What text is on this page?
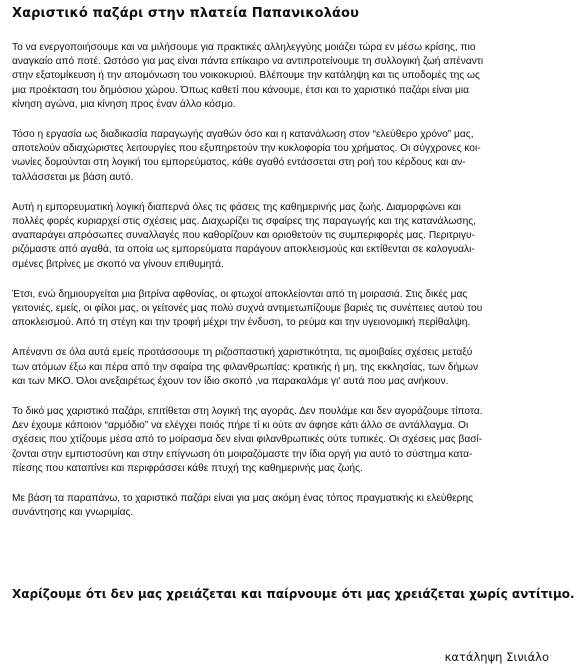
Χαριστικό παζάρι στην πλατεία Παπανικολάου

Το να ενεργοποιήσουμε και να μιλήσουμε για πρακτικές αλληλεγγύης μοιάζει τώρα εν μέσω κρίσης, πιο
αναγκαίο από ποτέ. Ωστόσο για μας είναι πάντα επίκαιρο να αντιπροτείνουμε τη συλλογική ζωή απέναντι
στην εξατομίκευση ή την απομόνωση του νοικοκυριού. Βλέπουμε την κατάληψη και τις υποδομές της ως
μια προέκταση του δημόσιου χώρου. Όπως καθετί που κάνουμε, έτσι και το χαριστικό παζάρι είναι μια
κίνηση αγώνα, μια κίνηση προς έναν άλλο κόσμο.

Τόσο η εργασία ως διαδικασία παραγωγής αγαθών όσο και η κατανάλωση στον “ελεύθερο χρόνο” μας,
αποτελούν αδιαχώριστες λειτουργίες που εξυπηρετούν την κυκλοφορία του χρήματος. Οι σύγχρονες κοι-
νωνίες δομούνται στη λογική του εμπορεύματος, κάθε αγαθό εντάσσεται στη ροή του κέρδους και αν-
ταλλάσσεται με βάση αυτό.

Αυτή η εμπορευματική λογική διαπερνά όλες τις φάσεις της καθημερινής μας ζωής. Διαμορφώνει και
πολλές φορές κυριαρχεί στις σχέσεις μας. Διαχωρίζει τις σφαίρες της παραγωγής και της κατανάλωσης,
αναπαράγει απρόσωπες συναλλαγές που καθορίζουν και οριοθετούν τις συμπεριφορές μας. Περιτριγυ-
ριζόμαστε από αγαθά, τα οποία ως εμπορεύματα παράγουν αποκλεισμούς και εκτίθενται σε καλογυαλι-
σμένες βιτρίνες με σκοπό να γίνουν επιθυμητά.

Έτσι, ενώ δημιουργείται μια βιτρίνα αφθονίας, οι φτωχοί αποκλείονται από τη μοιρασιά. Στις δικές μας
γειτονιές, εμείς, οι φίλοι μας, οι γείτονές μας πολύ συχνά αντιμετωπίζουμε βαριές τις συνέπειες αυτού του
αποκλεισμού. Από τη στέγη και την τροφή μέχρι την ένδυση, το ρεύμα και την υγειονομική περίθαλψη.

Απέναντι σε όλα αυτά εμείς προτάσσουμε τη ριζοσπαστική χαριστικότητα, τις αμοιβαίες σχέσεις μεταξύ
των ατόμων έξω και πέρα από την σφαίρα της φιλανθρωπίας: κρατικής ή μη, της εκκλησίας, των δήμων
και των ΜΚΟ. Όλοι ανεξαιρέτως έχουν τον ίδιο σκοπό ,να παρακαλάμε γι' αυτά που μας ανήκουν.

Το δικό μας χαριστικό παζάρι, επιτίθεται στη λογική της αγοράς. Δεν πουλάμε και δεν αγοράζουμε τίποτα.
Δεν έχουμε κάποιον “αρμόδιο” να ελέγχει ποιός πήρε τί κι ούτε αν άφησε κάτι άλλο σε αντάλλαγμα. Οι
σχέσεις που χτίζουμε μέσα από το μοίρασμα δεν είναι φιλανθρωπικές ούτε τυπικές. Οι σχέσεις μας βασί-
ζονται στην εμπιστοσύνη και στην επίγνωση ότι μοιραζόμαστε την ίδια οργή για αυτό το σύστημα κατα-
πίεσης που καταπίνει και περιφράσσει κάθε πτυχή της καθημερινής μας ζωής.

Με βάση τα παραπάνω, το χαριστικό παζάρι είναι για μας ακόμη ένας τόπος πραγματικής κι ελεύθερης
συνάντησης και γνωριμίας.

Χαρίζουμε ότι δεν μας χρειάζεται και παίρνουμε ότι μας χρειάζεται χωρίς αντίτιμο.

κατάληψη Σινιάλο
